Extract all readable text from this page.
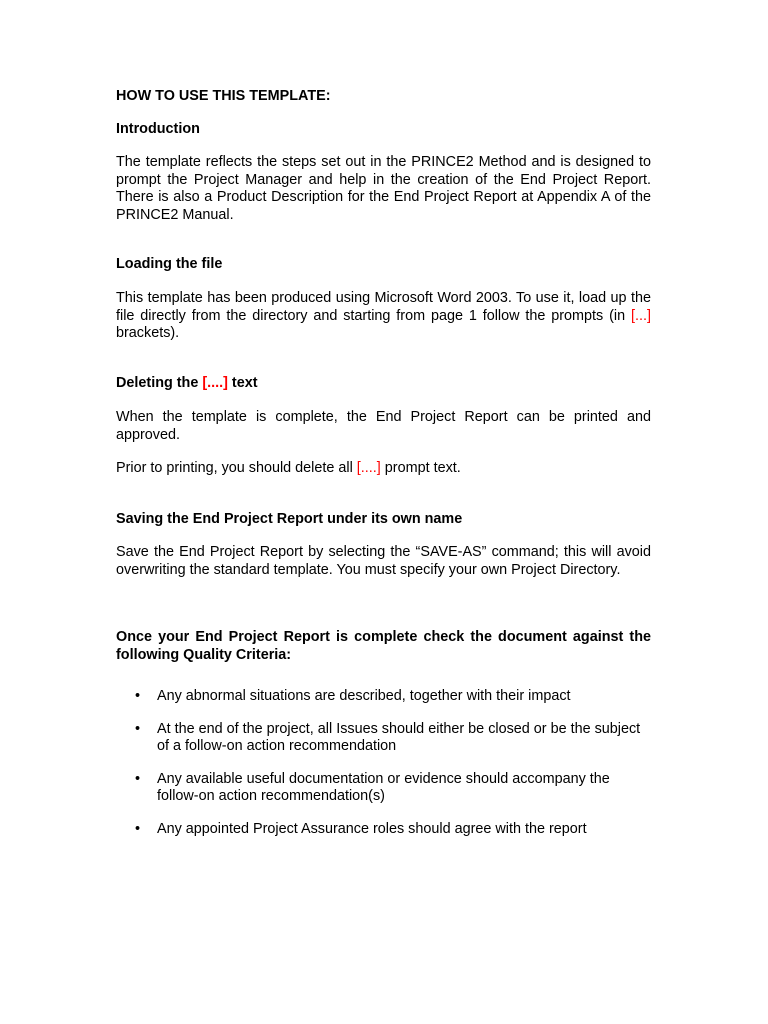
HOW TO USE THIS TEMPLATE:

Introduction

The template reflects the steps set out in the PRINCE2 Method and is designed to prompt the Project Manager and help in the creation of the End Project Report. There is also a Product Description for the End Project Report at Appendix A of the PRINCE2 Manual.

Loading the file

This template has been produced using Microsoft Word 2003. To use it, load up the file directly from the directory and starting from page 1 follow the prompts (in [...] brackets).

Deleting the [....] text

When the template is complete, the End Project Report can be printed and approved.

Prior to printing, you should delete all [....] prompt text.

Saving the End Project Report under its own name

Save the End Project Report by selecting the “SAVE-AS” command; this will avoid overwriting the standard template. You must specify your own Project Directory.

Once your End Project Report is complete check the document against the following Quality Criteria:

• Any abnormal situations are described, together with their impact
• At the end of the project, all Issues should either be closed or be the subject of a follow-on action recommendation
• Any available useful documentation or evidence should accompany the follow-on action recommendation(s)
• Any appointed Project Assurance roles should agree with the report
